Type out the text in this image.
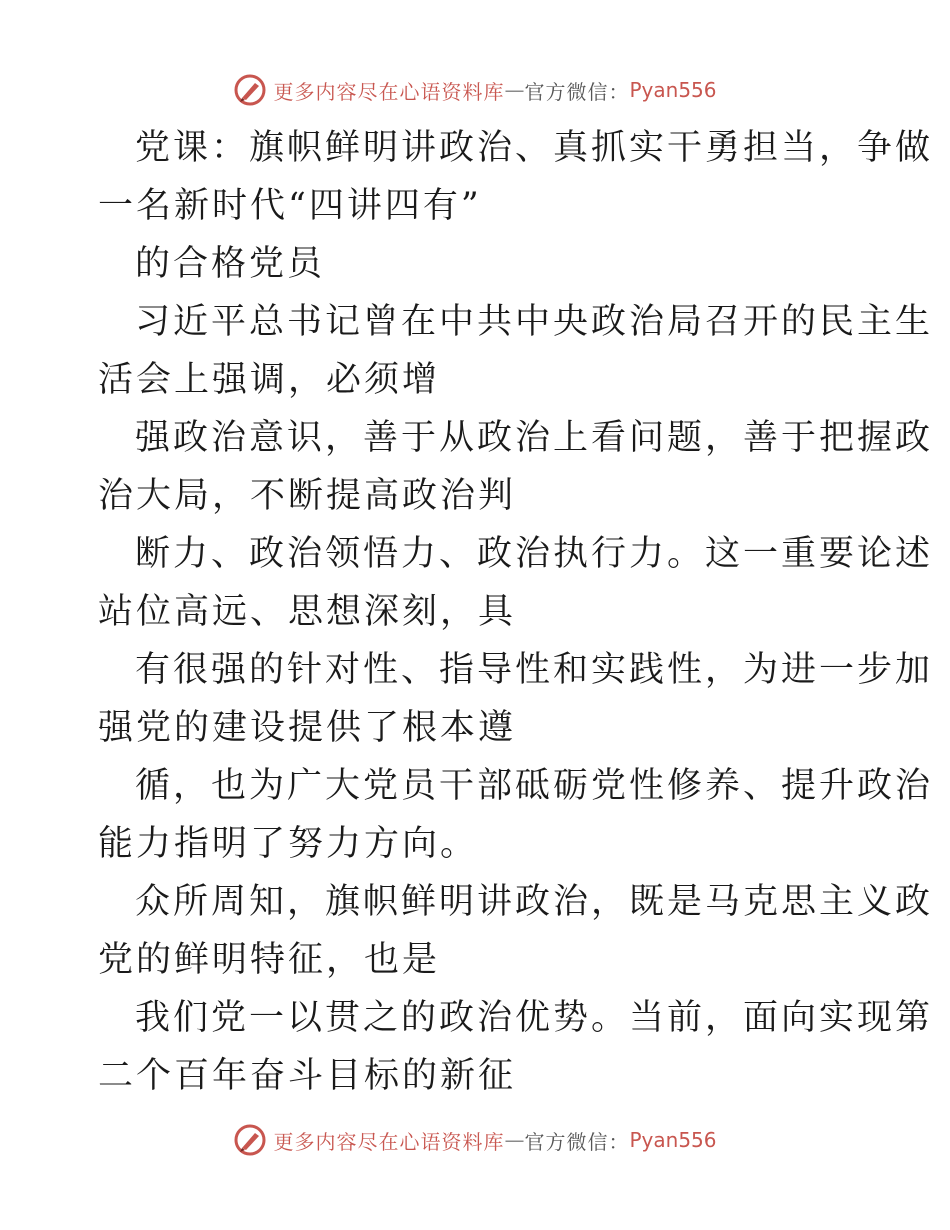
更多内容尽在心语资料库 — 官方微信： Pyan556
党课：旗帜鲜明讲政治、真抓实干勇担当，争做
一名新时代“四讲四有”
的合格党员
习近平总书记曾在中共中央政治局召开的民主生
活会上强调，必须增
强政治意识，善于从政治上看问题，善于把握政
治大局，不断提高政治判
断力、政治领悟力、政治执行力。这一重要论述
站位高远、思想深刻，具
有很强的针对性、指导性和实践性，为进一步加
强党的建设提供了根本遵
循，也为广大党员干部砥砺党性修养、提升政治
能力指明了努力方向。
众所周知，旗帜鲜明讲政治，既是马克思主义政
党的鲜明特征，也是
我们党一以贯之的政治优势。当前，面向实现第
二个百年奋斗目标的新征
更多内容尽在心语资料库 — 官方微信： Pyan556
